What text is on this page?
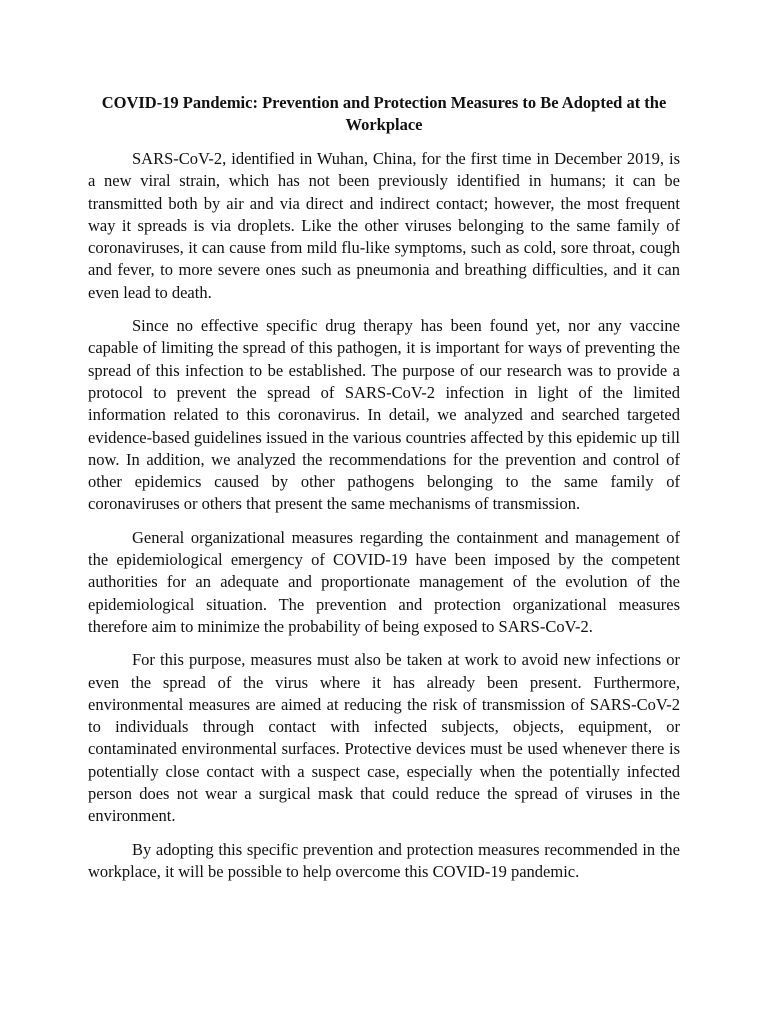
COVID-19 Pandemic: Prevention and Protection Measures to Be Adopted at the Workplace

SARS-CoV-2, identified in Wuhan, China, for the first time in December 2019, is a new viral strain, which has not been previously identified in humans; it can be transmitted both by air and via direct and indirect contact; however, the most frequent way it spreads is via droplets. Like the other viruses belonging to the same family of coronaviruses, it can cause from mild flu-like symptoms, such as cold, sore throat, cough and fever, to more severe ones such as pneumonia and breathing difficulties, and it can even lead to death.

Since no effective specific drug therapy has been found yet, nor any vaccine capable of limiting the spread of this pathogen, it is important for ways of preventing the spread of this infection to be established. The purpose of our research was to provide a protocol to prevent the spread of SARS-CoV-2 infection in light of the limited information related to this coronavirus. In detail, we analyzed and searched targeted evidence-based guidelines issued in the various countries affected by this epidemic up till now. In addition, we analyzed the recommendations for the prevention and control of other epidemics caused by other pathogens belonging to the same family of coronaviruses or others that present the same mechanisms of transmission.

General organizational measures regarding the containment and management of the epidemiological emergency of COVID-19 have been imposed by the competent authorities for an adequate and proportionate management of the evolution of the epidemiological situation. The prevention and protection organizational measures therefore aim to minimize the probability of being exposed to SARS-CoV-2.

For this purpose, measures must also be taken at work to avoid new infections or even the spread of the virus where it has already been present. Furthermore, environmental measures are aimed at reducing the risk of transmission of SARS-CoV-2 to individuals through contact with infected subjects, objects, equipment, or contaminated environmental surfaces. Protective devices must be used whenever there is potentially close contact with a suspect case, especially when the potentially infected person does not wear a surgical mask that could reduce the spread of viruses in the environment.

By adopting this specific prevention and protection measures recommended in the workplace, it will be possible to help overcome this COVID-19 pandemic.
